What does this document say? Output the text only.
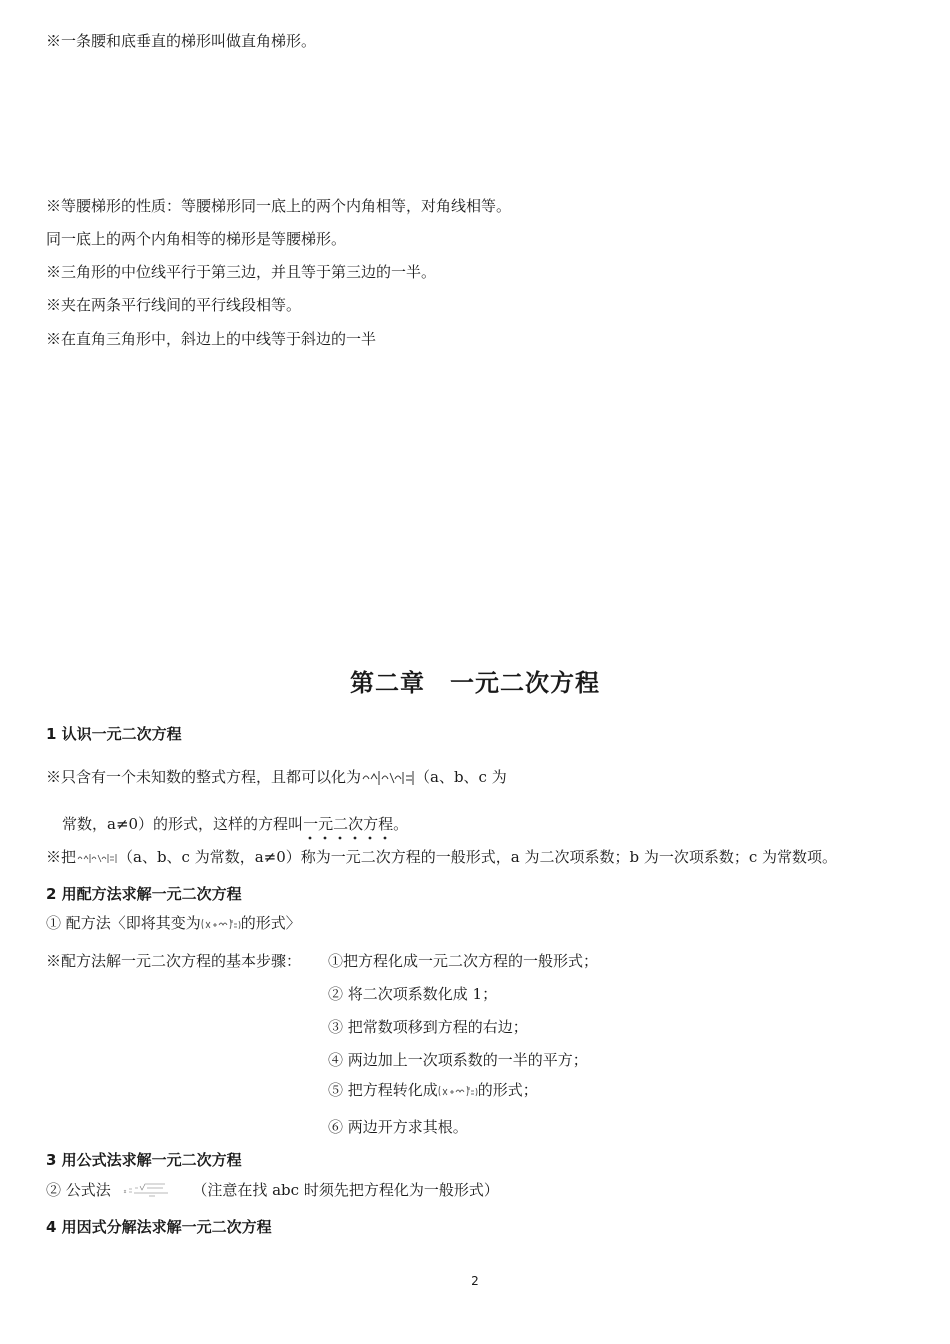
※一条腰和底垂直的梯形叫做直角梯形。
※等腰梯形的性质：等腰梯形同一底上的两个内角相等，对角线相等。
同一底上的两个内角相等的梯形是等腰梯形。
※三角形的中位线平行于第三边，并且等于第三边的一半。
※夹在两条平行线间的平行线段相等。
※在直角三角形中，斜边上的中线等于斜边的一半
第二章　一元二次方程
1 认识一元二次方程
※只含有一个未知数的整式方程，且都可以化为	（a、b、c 为
常数，a≠0）的形式，这样的方程叫一元二次方程
。
※把	（a、b、c 为常数，a≠0）称为一元二次方程的一般形式，a 为二次项系数；b 为一次项系数；c 为常数项。
2 用配方法求解一元二次方程
① 配方法〈即将其变为	的形式〉
※配方法解一元二次方程的基本步骤： ①把方程化成一元二次方程的一般形式；
② 将二次项系数化成 1；
③ 把常数项移到方程的右边；
④ 两边加上一次项系数的一半的平方；
⑤ 把方程转化成	的形式；
⑥ 两边开方求其根。
3 用公式法求解一元二次方程
② 公式法	（注意在找 abc 时须先把方程化为一般形式）
4 用因式分解法求解一元二次方程
2
